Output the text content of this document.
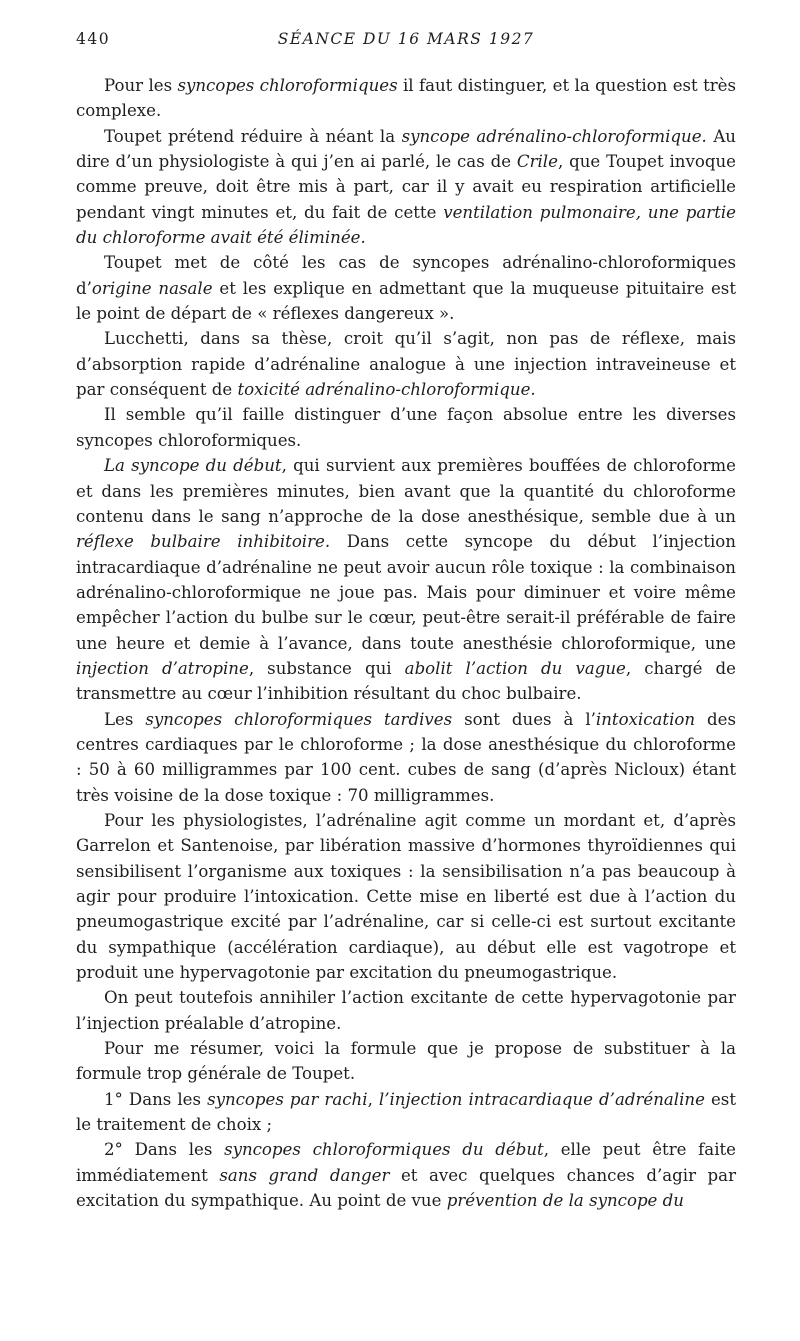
440	SÉANCE DU 16 MARS 1927

Pour les syncopes chloroformiques il faut distinguer, et la question est très complexe.

Toupet prétend réduire à néant la syncope adrénalino-chloroformique. Au dire d’un physiologiste à qui j’en ai parlé, le cas de Crile, que Toupet invoque comme preuve, doit être mis à part, car il y avait eu respiration artificielle pendant vingt minutes et, du fait de cette ventilation pulmonaire, une partie du chloroforme avait été éliminée.

Toupet met de côté les cas de syncopes adrénalino-chloroformiques d’origine nasale et les explique en admettant que la muqueuse pituitaire est le point de départ de « réflexes dangereux ».

Lucchetti, dans sa thèse, croit qu’il s’agit, non pas de réflexe, mais d’absorption rapide d’adrénaline analogue à une injection intraveineuse et par conséquent de toxicité adrénalino-chloroformique.

Il semble qu’il faille distinguer d’une façon absolue entre les diverses syncopes chloroformiques.

La syncope du début, qui survient aux premières bouffées de chloroforme et dans les premières minutes, bien avant que la quantité du chloroforme contenu dans le sang n’approche de la dose anesthésique, semble due à un réflexe bulbaire inhibitoire. Dans cette syncope du début l’injection intracardiaque d’adrénaline ne peut avoir aucun rôle toxique : la combinaison adrénalino-chloroformique ne joue pas. Mais pour diminuer et voire même empêcher l’action du bulbe sur le cœur, peut-être serait-il préférable de faire une heure et demie à l’avance, dans toute anesthésie chloroformique, une injection d’atropine, substance qui abolit l’action du vague, chargé de transmettre au cœur l’inhibition résultant du choc bulbaire.

Les syncopes chloroformiques tardives sont dues à l’intoxication des centres cardiaques par le chloroforme ; la dose anesthésique du chloroforme : 50 à 60 milligrammes par 100 cent. cubes de sang (d’après Nicloux) étant très voisine de la dose toxique : 70 milligrammes.

Pour les physiologistes, l’adrénaline agit comme un mordant et, d’après Garrelon et Santenoise, par libération massive d’hormones thyroïdiennes qui sensibilisent l’organisme aux toxiques : la sensibilisation n’a pas beaucoup à agir pour produire l’intoxication. Cette mise en liberté est due à l’action du pneumogastrique excité par l’adrénaline, car si celle-ci est surtout excitante du sympathique (accélération cardiaque), au début elle est vagotrope et produit une hypervagotonie par excitation du pneumogastrique.

On peut toutefois annihiler l’action excitante de cette hypervagotonie par l’injection préalable d’atropine.

Pour me résumer, voici la formule que je propose de substituer à la formule trop générale de Toupet.

1° Dans les syncopes par rachi, l’injection intracardiaque d’adrénaline est le traitement de choix ;

2° Dans les syncopes chloroformiques du début, elle peut être faite immédiatement sans grand danger et avec quelques chances d’agir par excitation du sympathique. Au point de vue prévention de la syncope du
